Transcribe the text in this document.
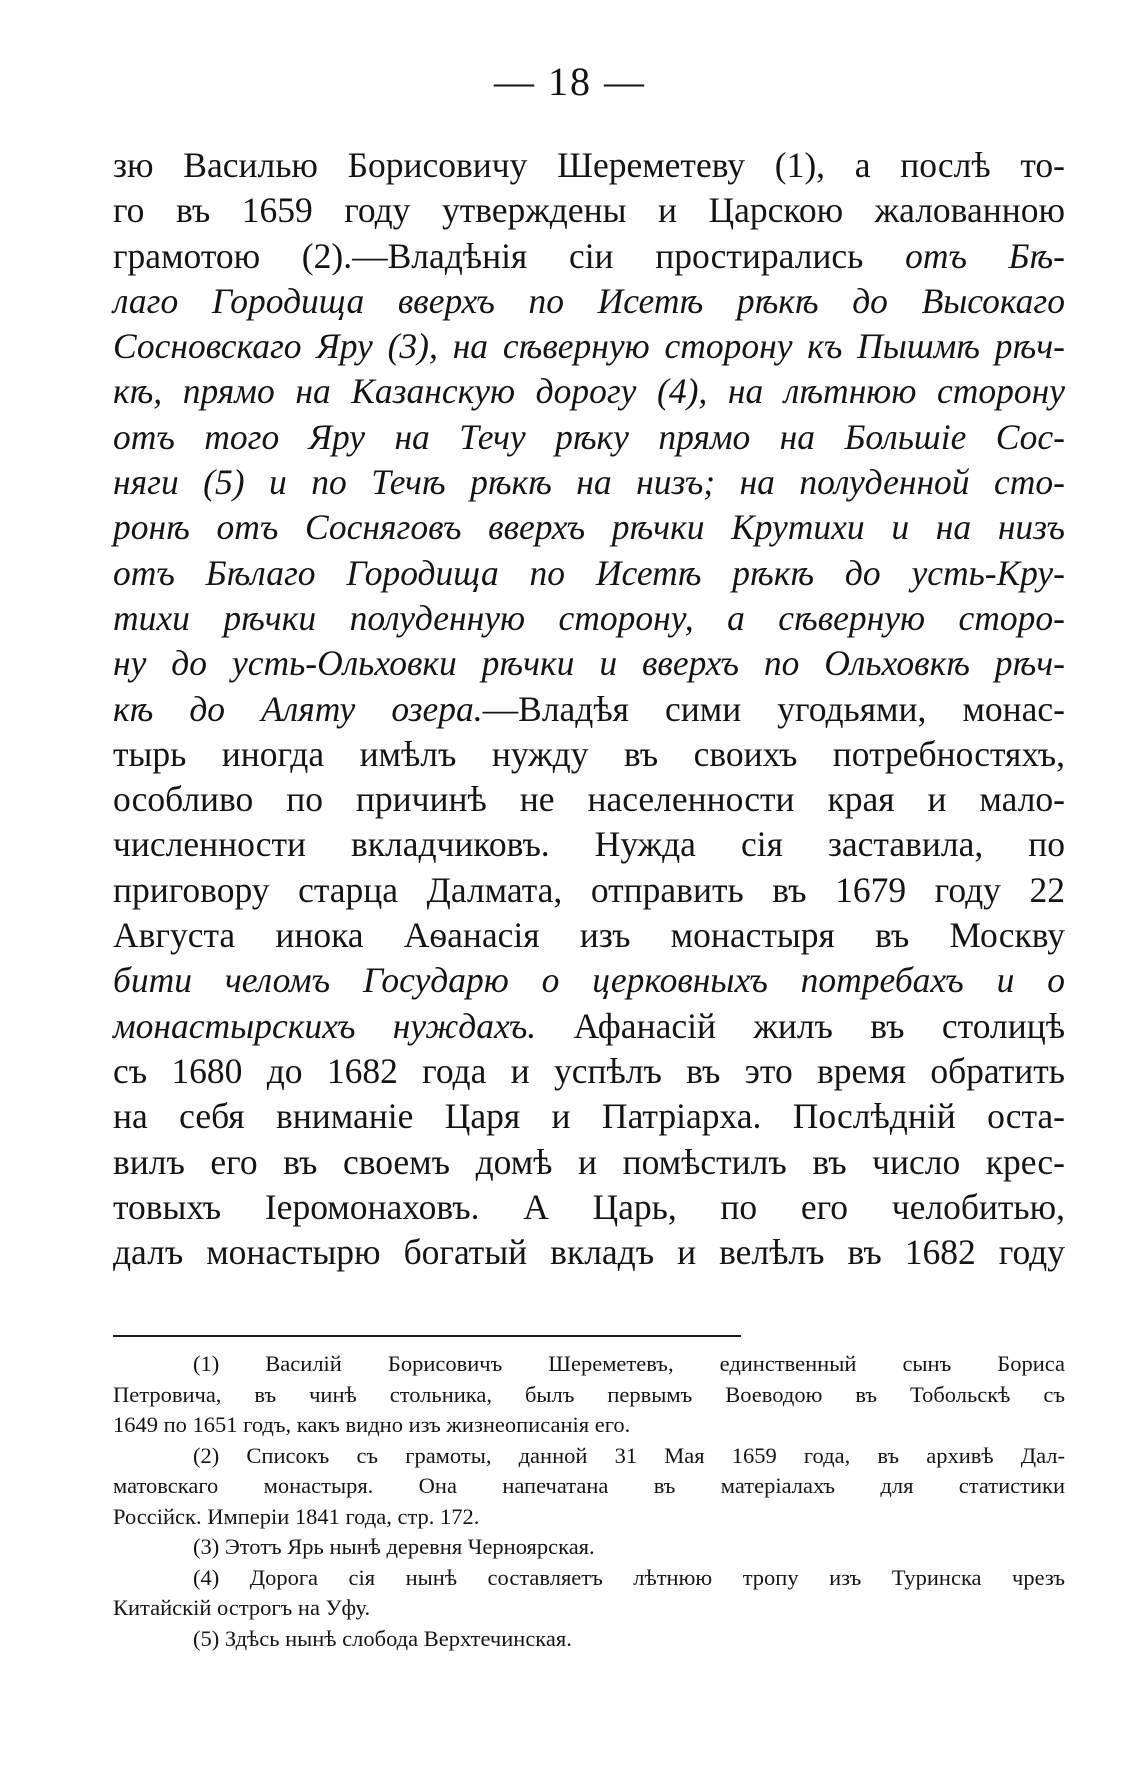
— 18 —
зю Василью Борисовичу Шереметеву (1), а послѣ то-
го въ 1659 году утверждены и Царскою жалованною
грамотою (2).—Владѣнія сіи простирались отъ Бѣ-
лаго Городища вверхъ по Исетѣ рѣкѣ до Высокаго
Сосновскаго Яру (3), на сѣверную сторону къ Пышмѣ рѣч-
кѣ, прямо на Казанскую дорогу (4), на лѣтнюю сторону
отъ того Яру на Течу рѣку прямо на Большіе Сос-
няги (5) и по Течѣ рѣкѣ на низъ; на полуденной сто-
ронѣ отъ Сосняговъ вверхъ рѣчки Крутихи и на низъ
отъ Бѣлаго Городища по Исетѣ рѣкѣ до усть-Кру-
тихи рѣчки полуденную сторону, а сѣверную сторо-
ну до усть-Ольховки рѣчки и вверхъ по Ольховкѣ рѣч-
кѣ до Аляту озера.—Владѣя сими угодьями, монас-
тырь иногда имѣлъ нужду въ своихъ потребностяхъ,
особливо по причинѣ не населенности края и мало-
численности вкладчиковъ. Нужда сія заставила, по
приговору старца Далмата, отправить въ 1679 году 22
Августа инока Аѳанасія изъ монастыря въ Москву
бити челомъ Государю о церковныхъ потребахъ и о
монастырскихъ нуждахъ. Афанасій жилъ въ столицѣ
съ 1680 до 1682 года и успѣлъ въ это время обратить
на себя вниманіе Царя и Патріарха. Послѣдній оста-
вилъ его въ своемъ домѣ и помѣстилъ въ число крес-
товыхъ Іеромонаховъ. А Царь, по его челобитью,
далъ монастырю богатый вкладъ и велѣлъ въ 1682 году
(1) Василій Борисовичъ Шереметевъ, единственный сынъ Бориса
Петровича, въ чинѣ стольника, былъ первымъ Воеводою въ Тобольскѣ съ
1649 по 1651 годъ, какъ видно изъ жизнеописанія его.
(2) Списокъ съ грамоты, данной 31 Мая 1659 года, въ архивѣ Дал-
матовскаго монастыря. Она напечатана въ матеріалахъ для статистики
Россійск. Имперіи 1841 года, стр. 172.
(3) Этотъ Ярь нынѣ деревня Черноярская.
(4) Дорога сія нынѣ составляетъ лѣтнюю тропу изъ Туринска чрезъ
Китайскій острогъ на Уфу.
(5) Здѣсь нынѣ слобода Верхтечинская.
